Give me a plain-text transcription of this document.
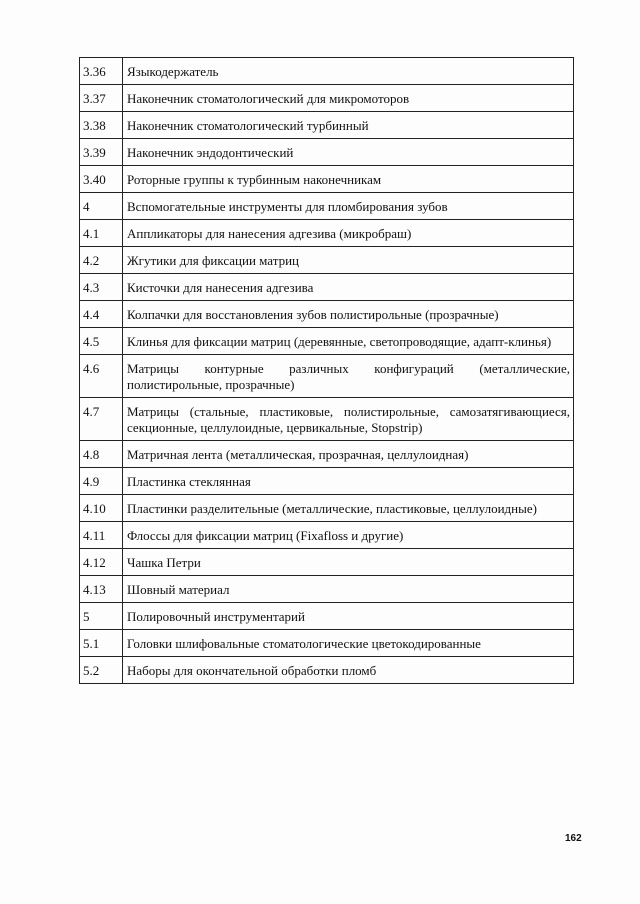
3.36	Языкодержатель
3.37	Наконечник стоматологический для микромоторов
3.38	Наконечник стоматологический турбинный
3.39	Наконечник эндодонтический
3.40	Роторные группы к турбинным наконечникам
4	Вспомогательные инструменты для пломбирования зубов
4.1	Аппликаторы для нанесения адгезива (микробраш)
4.2	Жгутики для фиксации матриц
4.3	Кисточки для нанесения адгезива
4.4	Колпачки для восстановления зубов полистирольные (прозрачные)
4.5	Клинья для фиксации матриц (деревянные, светопроводящие, адапт-клинья)
4.6	Матрицы контурные различных конфигураций (металлические, полистирольные, прозрачные)
4.7	Матрицы (стальные, пластиковые, полистирольные, самозатягивающиеся, секционные, целлулоидные, цервикальные, Stopstrip)
4.8	Матричная лента (металлическая, прозрачная, целлулоидная)
4.9	Пластинка стеклянная
4.10	Пластинки разделительные (металлические, пластиковые, целлулоидные)
4.11	Флоссы для фиксации матриц (Fixafloss и другие)
4.12	Чашка Петри
4.13	Шовный материал
5	Полировочный инструментарий
5.1	Головки шлифовальные стоматологические цветокодированные
5.2	Наборы для окончательной обработки пломб
162
